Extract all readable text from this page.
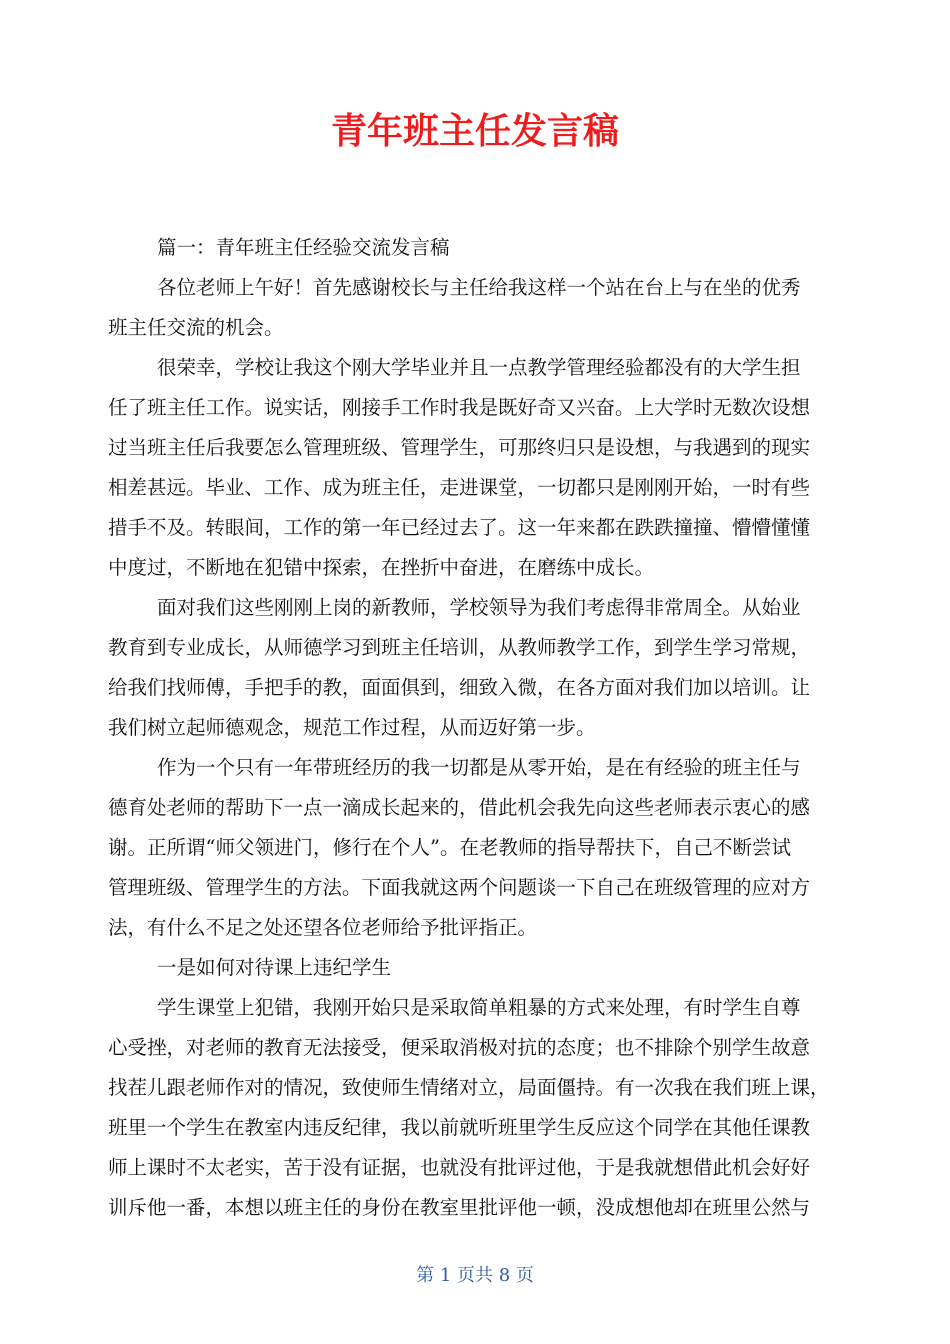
青年班主任发言稿
篇一：青年班主任经验交流发言稿
各位老师上午好！首先感谢校长与主任给我这样一个站在台上与在坐的优秀
班主任交流的机会。
很荣幸，学校让我这个刚大学毕业并且一点教学管理经验都没有的大学生担
任了班主任工作。说实话，刚接手工作时我是既好奇又兴奋。上大学时无数次设想
过当班主任后我要怎么管理班级、管理学生，可那终归只是设想，与我遇到的现实
相差甚远。毕业、工作、成为班主任，走进课堂，一切都只是刚刚开始，一时有些
措手不及。转眼间，工作的第一年已经过去了。这一年来都在跌跌撞撞、懵懵懂懂
中度过，不断地在犯错中探索，在挫折中奋进，在磨练中成长。
面对我们这些刚刚上岗的新教师，学校领导为我们考虑得非常周全。从始业
教育到专业成长，从师德学习到班主任培训，从教师教学工作，到学生学习常规，
给我们找师傅，手把手的教，面面俱到，细致入微，在各方面对我们加以培训。让
我们树立起师德观念，规范工作过程，从而迈好第一步。
作为一个只有一年带班经历的我一切都是从零开始，是在有经验的班主任与
德育处老师的帮助下一点一滴成长起来的，借此机会我先向这些老师表示衷心的感
谢。正所谓“师父领进门，修行在个人”。在老教师的指导帮扶下，自己不断尝试
管理班级、管理学生的方法。下面我就这两个问题谈一下自己在班级管理的应对方
法，有什么不足之处还望各位老师给予批评指正。
一是如何对待课上违纪学生
学生课堂上犯错，我刚开始只是采取简单粗暴的方式来处理，有时学生自尊
心受挫，对老师的教育无法接受，便采取消极对抗的态度；也不排除个别学生故意
找茬儿跟老师作对的情况，致使师生情绪对立，局面僵持。有一次我在我们班上课，
班里一个学生在教室内违反纪律，我以前就听班里学生反应这个同学在其他任课教
师上课时不太老实，苦于没有证据，也就没有批评过他，于是我就想借此机会好好
训斥他一番，本想以班主任的身份在教室里批评他一顿，没成想他却在班里公然与
第 1 页共 8 页
